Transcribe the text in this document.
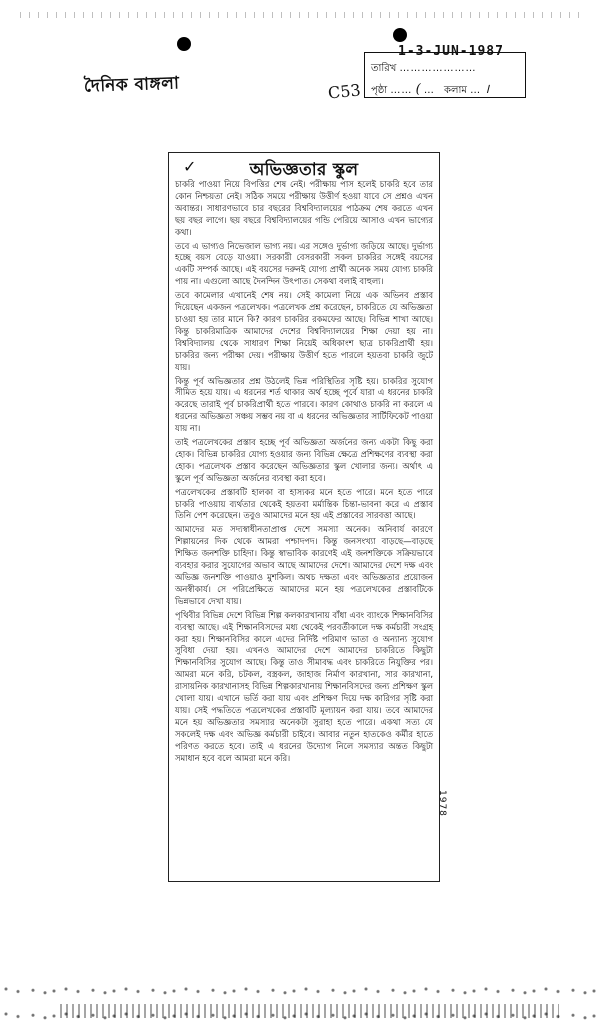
দৈনিক বাঙ্গলা	C53
1-3-JUN-1987
তারিখ …………………
পৃষ্ঠা …… ( … কলাম … ।
✓	অভিজ্ঞতার স্কুল

চাকরি পাওয়া নিয়ে বিপত্তির শেষ নেই। পরীক্ষায় পাস হলেই চাকরি হবে তার কোন নিশ্চয়তা নেই। সঠিক সময়ে পরীক্ষায় উত্তীর্ণ হওয়া যাবে সে প্রশ্নও এখন অবান্তর। সাধারণভাবে চার বছরের বিশ্ববিদ্যালয়ের পাঠক্রম শেষ করতে এখন ছয় বছর লাগে। ছয় বছরে বিশ্ববিদ্যালয়ের গন্ডি পেরিয়ে আসাও এখন ভাগ্যের কথা।

তবে এ ভাগ্যও নিভেজাল ভাগ্য নয়। এর সঙ্গেও দুর্ভাগ্য জড়িয়ে আছে। দুর্ভাগ্য হচ্ছে বয়স বেড়ে যাওয়া। সরকারী বেসরকারী সকল চাকরির সঙ্গেই বয়সের একটি সম্পর্ক আছে। এই বয়সের দরুনই যোগ্য প্রার্থী অনেক সময় যোগ্য চাকরি পায় না। এগুলো আছে দৈনন্দিন উৎপাত। সেকথা বলাই বাহুল্য।

তবে কামেলার এখানেই শেষ নয়। সেই কামেলা নিয়ে এক অভিনব প্রস্তাব দিয়েছেন একজন পত্রলেখক। পত্রলেখক প্রশ্ন করেছেন, চাকরিতে যে অভিজ্ঞতা চাওয়া হয় তার মানে কি? কারণ চাকরির রকমফের আছে। বিভিন্ন শাখা আছে। কিন্তু চাকরিমাত্রিক আমাদের দেশের বিশ্ববিদ্যালয়ের শিক্ষা দেয়া হয় না। বিশ্ববিদ্যালয় থেকে সাধারণ শিক্ষা নিয়েই অধিকাংশ ছাত্র চাকরিপ্রার্থী হয়। চাকরির জন্য পরীক্ষা দেয়। পরীক্ষায় উত্তীর্ণ হতে পারলে হয়তবা চাকরি জুটে যায়।

কিন্তু পূর্ব অভিজ্ঞতার প্রশ্ন উঠলেই ভিন্ন পরিস্থিতির সৃষ্টি হয়। চাকরির সুযোগ সীমিত হয়ে যায়। এ ধরনের শর্ত থাকার অর্থ হচ্ছে পূর্বে যারা এ ধরনের চাকরি করেছে তারাই পূর্ব চাকরিপ্রার্থী হতে পারবে। কারণ কোথাও চাকরি না করলে এ ধরনের অভিজ্ঞতা সঞ্চয় সম্ভব নয় বা এ ধরনের অভিজ্ঞতার সার্টিফিকেট পাওয়া যায় না।

তাই পত্রলেখকের প্রস্তাব হচ্ছে পূর্ব অভিজ্ঞতা অর্জনের জন্য একটা কিছু করা হোক। বিভিন্ন চাকরির যোগ্য হওয়ার জন্য বিভিন্ন ক্ষেত্রে প্রশিক্ষণের ব্যবস্থা করা হোক। পত্রলেখক প্রস্তাব করেছেন অভিজ্ঞতার স্কুল খোলার জন্য। অর্থাৎ এ স্কুলে পূর্ব অভিজ্ঞতা অর্জনের ব্যবস্থা করা হবে।

পত্রলেখকের প্রস্তাবটি হালকা বা হাস্যকর মনে হতে পারে। মনে হতে পারে চাকরি পাওয়ায় ব্যর্থতার থেকেই হয়তবা মর্মান্তিক চিন্তা-ভাবনা করে এ প্রস্তাব তিনি পেশ করেছেন। তবুও আমাদের মনে হয় এই প্রস্তাবের সারবত্তা আছে।

আমাদের মত সদ্যস্বাধীনতাপ্রাপ্ত দেশে সমস্যা অনেক। অনিবার্য কারণে শিল্পায়নের দিক থেকে আমরা পশ্চাদপদ। কিন্তু জনসংখ্যা বাড়ছে—বাড়ছে শিক্ষিত জনশক্তি চাহিদা। কিন্তু স্বাভাবিক কারণেই এই জনশক্তিকে সক্রিয়ভাবে ব্যবহার করার সুযোগের অভাব আছে আমাদের দেশে। আমাদের দেশে দক্ষ এবং অভিজ্ঞ জনশক্তি পাওয়াও মুশকিল। অথচ দক্ষতা এবং অভিজ্ঞতার প্রয়োজন অনস্বীকার্য। সে পরিপ্রেক্ষিতে আমাদের মনে হয় পত্রলেখকের প্রস্তাবটিকে ভিন্নভাবে দেখা যায়।

পৃথিবীর বিভিন্ন দেশে বিভিন্ন শিল্প কলকারখানায় বাঁধা এবং ব্যাংকে শিক্ষানবিসির ব্যবস্থা আছে। এই শিক্ষানবিসদের মধ্য থেকেই পরবর্তীকালে দক্ষ কর্মচারী সংগ্রহ করা হয়। শিক্ষানবিসির কালে এদের নির্দিষ্ট পরিমাণ ভাতা ও অন্যান্য সুযোগ সুবিধা দেয়া হয়। এখনও আমাদের দেশে আমাদের চাকরিতে কিছুটা শিক্ষানবিসির সুযোগ আছে। কিন্তু তাও সীমাবদ্ধ এবং চাকরিতে নিযুক্তির পর। আমরা মনে করি, চটকল, বস্ত্রকল, জাহাজ নির্মাণ কারখানা, সার কারখানা, রাসায়নিক কারখানাসহ বিভিন্ন শিল্পকারখানায় শিক্ষানবিসদের জন্য প্রশিক্ষণ স্কুল খোলা যায়। এখানে ভর্তি করা যায় এবং প্রশিক্ষণ দিয়ে দক্ষ কারিগর সৃষ্টি করা যায়। সেই পদ্ধতিতে পত্রলেখকের প্রস্তাবটি মূল্যায়ন করা যায়। তবে আমাদের মনে হয় অভিজ্ঞতার সমস্যার অনেকটা সুরাহা হতে পারে। একথা সত্য যে সকলেই দক্ষ এবং অভিজ্ঞ কর্মচারী চাইবে। আবার নতুন হাতকেও কর্মীর হাতে পরিণত করতে হবে। তাই এ ধরনের উদ্যোগ নিলে সমস্যার অন্তত কিছুটা সমাধান হবে বলে আমরা মনে করি।

1978
